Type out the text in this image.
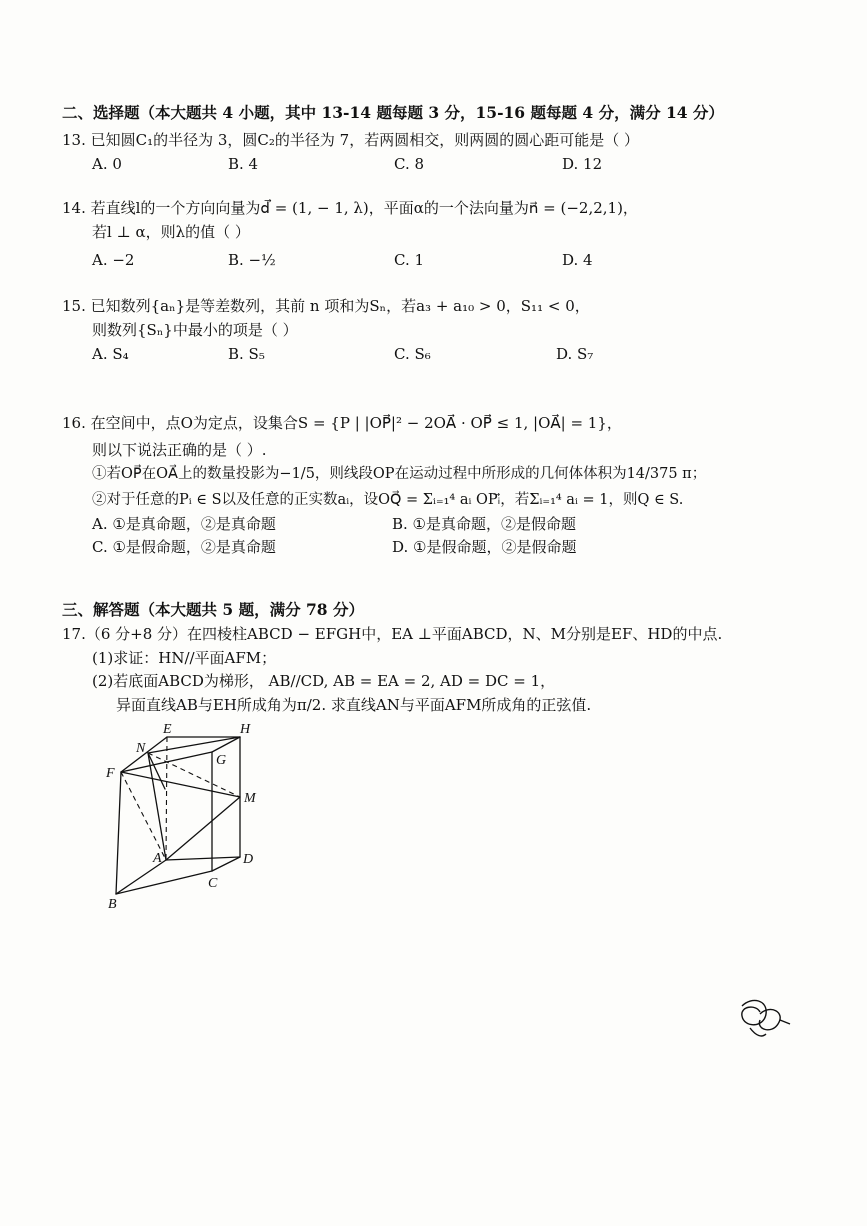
二、选择题（本大题共 4 小题，其中 13-14 题每题 3 分，15-16 题每题 4 分，满分 14 分）
13. 已知圆C₁的半径为 3，圆C₂的半径为 7，若两圆相交，则两圆的圆心距可能是（ ）
A. 0	B. 4	C. 8	D. 12
14. 若直线l的一个方向向量为d⃗ = (1, − 1, λ)，平面α的一个法向量为n⃗ = (−2,2,1)，
若l ⊥ α，则λ的值（ ）
A. −2	B. −½	C. 1	D. 4
15. 已知数列{aₙ}是等差数列，其前 n 项和为Sₙ，若a₃ + a₁₀ > 0，S₁₁ < 0，
则数列{Sₙ}中最小的项是（ ）
A. S₄	B. S₅	C. S₆	D. S₇
16. 在空间中，点O为定点，设集合S = {P | |OP⃗|² − 2OA⃗ · OP⃗ ≤ 1, |OA⃗| = 1}，
则以下说法正确的是（ ）.
①若OP⃗在OA⃗上的数量投影为−1/5，则线段OP在运动过程中所形成的几何体体积为14/375 π；
②对于任意的Pᵢ ∈ S以及任意的正实数aᵢ，设OQ⃗ = Σᵢ₌₁⁴ aᵢ OPᵢ⃗，若Σᵢ₌₁⁴ aᵢ = 1，则Q ∈ S.
A. ①是真命题，②是真命题	B. ①是真命题，②是假命题
C. ①是假命题，②是真命题	D. ①是假命题，②是假命题
三、解答题（本大题共 5 题，满分 78 分）
17.（6 分+8 分）在四棱柱ABCD − EFGH中，EA ⊥平面ABCD，N、M分别是EF、HD的中点.
(1)求证：HN//平面AFM；
(2)若底面ABCD为梯形， AB//CD, AB = EA = 2, AD = DC = 1，
异面直线AB与EH所成角为π/2. 求直线AN与平面AFM所成角的正弦值.
E	H
N
G
F
M
A	D
C
B
